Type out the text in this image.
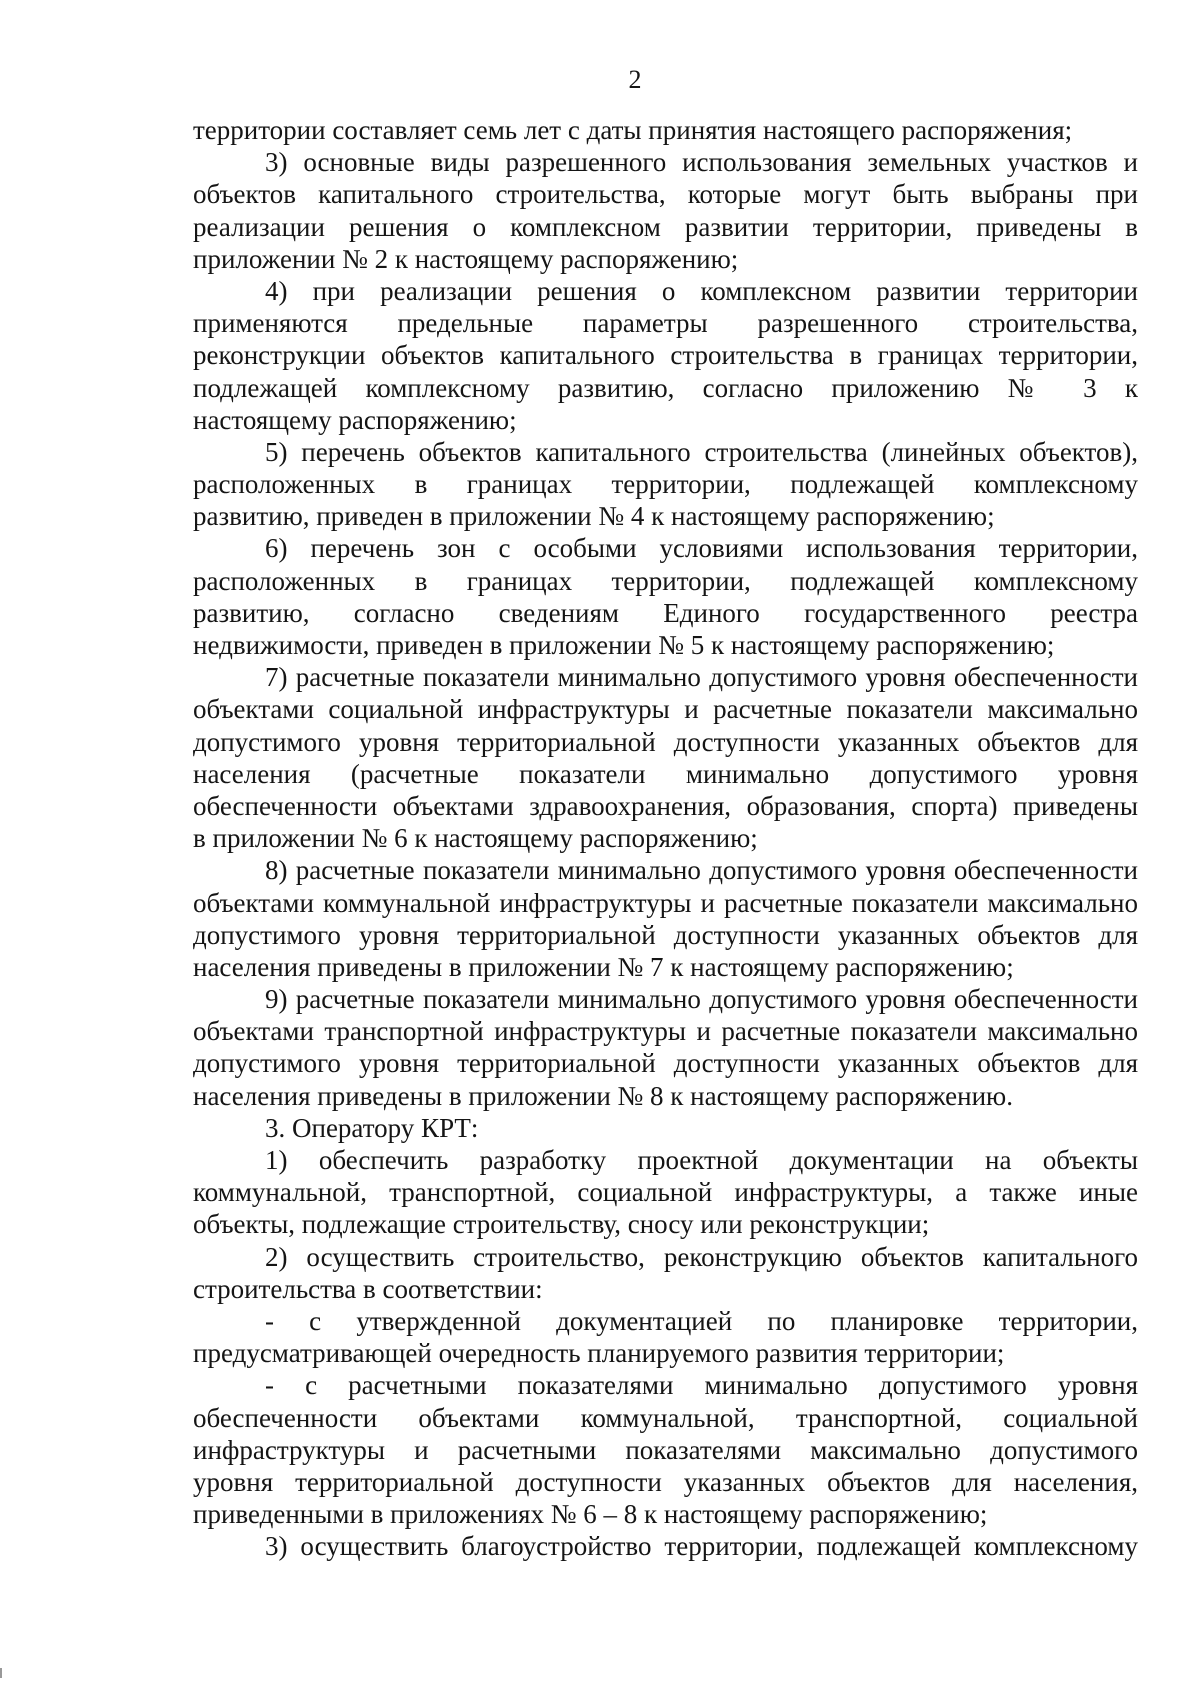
2
территории составляет семь лет с даты принятия настоящего распоряжения;
3) основные виды разрешенного использования земельных участков и
объектов капитального строительства, которые могут быть выбраны при
реализации решения о комплексном развитии территории, приведены в
приложении № 2 к настоящему распоряжению;
4) при реализации решения о комплексном развитии территории
применяются предельные параметры разрешенного строительства,
реконструкции объектов капитального строительства в границах территории,
подлежащей комплексному развитию, согласно приложению № 3 к
настоящему распоряжению;
5) перечень объектов капитального строительства (линейных объектов),
расположенных в границах территории, подлежащей комплексному
развитию, приведен в приложении № 4 к настоящему распоряжению;
6) перечень зон с особыми условиями использования территории,
расположенных в границах территории, подлежащей комплексному
развитию, согласно сведениям Единого государственного реестра
недвижимости, приведен в приложении № 5 к настоящему распоряжению;
7) расчетные показатели минимально допустимого уровня обеспеченности
объектами социальной инфраструктуры и расчетные показатели максимально
допустимого уровня территориальной доступности указанных объектов для
населения (расчетные показатели минимально допустимого уровня
обеспеченности объектами здравоохранения, образования, спорта) приведены
в приложении № 6 к настоящему распоряжению;
8) расчетные показатели минимально допустимого уровня обеспеченности
объектами коммунальной инфраструктуры и расчетные показатели максимально
допустимого уровня территориальной доступности указанных объектов для
населения приведены в приложении № 7 к настоящему распоряжению;
9) расчетные показатели минимально допустимого уровня обеспеченности
объектами транспортной инфраструктуры и расчетные показатели максимально
допустимого уровня территориальной доступности указанных объектов для
населения приведены в приложении № 8 к настоящему распоряжению.
3. Оператору КРТ:
1) обеспечить разработку проектной документации на объекты
коммунальной, транспортной, социальной инфраструктуры, а также иные
объекты, подлежащие строительству, сносу или реконструкции;
2) осуществить строительство, реконструкцию объектов капитального
строительства в соответствии:
- с утвержденной документацией по планировке территории,
предусматривающей очередность планируемого развития территории;
- с расчетными показателями минимально допустимого уровня
обеспеченности объектами коммунальной, транспортной, социальной
инфраструктуры и расчетными показателями максимально допустимого
уровня территориальной доступности указанных объектов для населения,
приведенными в приложениях № 6 – 8 к настоящему распоряжению;
3) осуществить благоустройство территории, подлежащей комплексному
